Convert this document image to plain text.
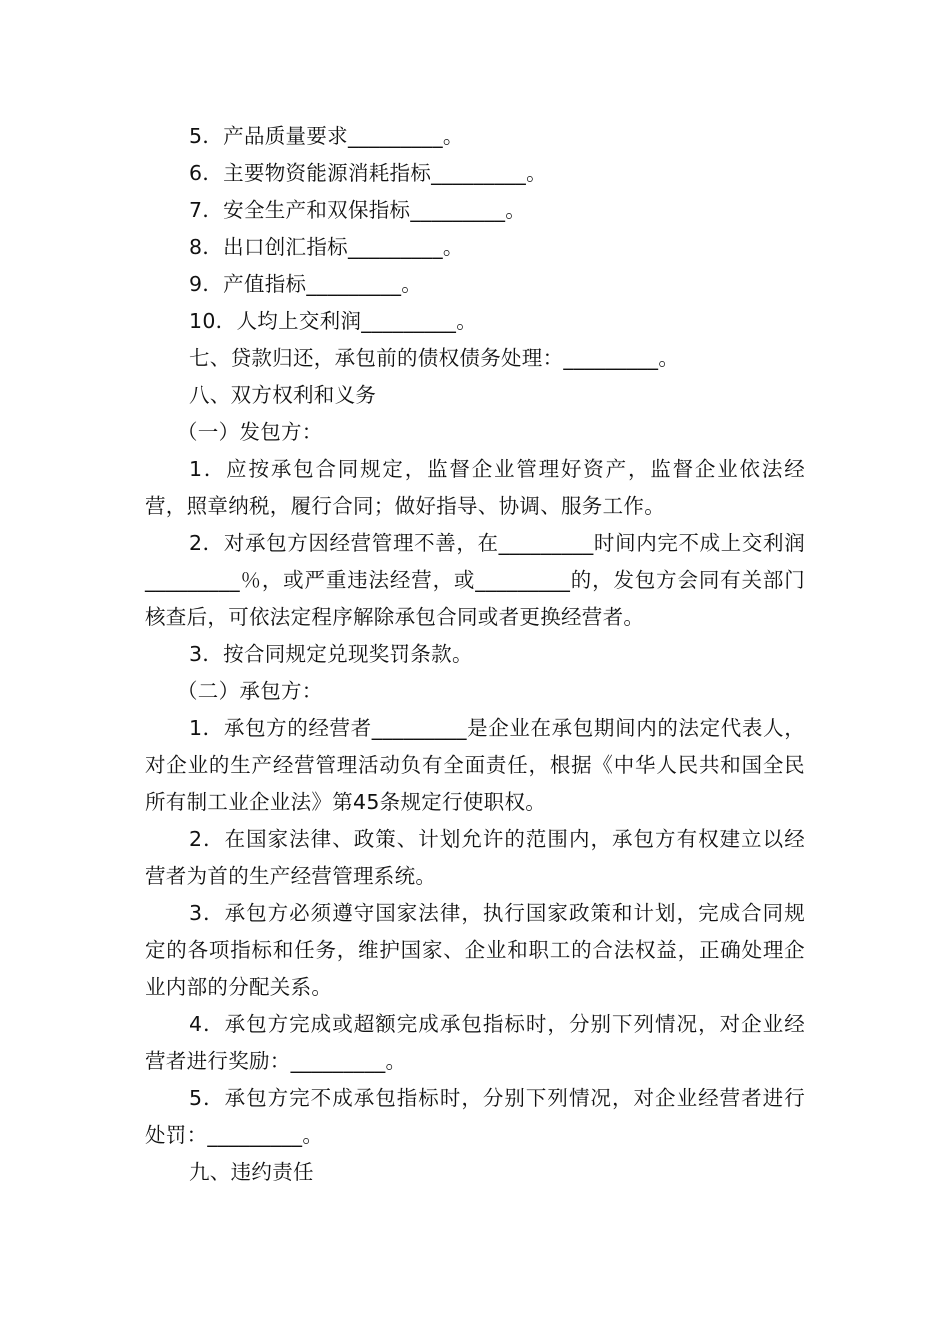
5．产品质量要求_________。

6．主要物资能源消耗指标_________。

7．安全生产和双保指标_________。

8．出口创汇指标_________。

9．产值指标_________。

10．人均上交利润_________。

七、贷款归还，承包前的债权债务处理：_________。

八、双方权利和义务

（一）发包方：

1．应按承包合同规定，监督企业管理好资产，监督企业依法经营，照章纳税，履行合同；做好指导、协调、服务工作。

2．对承包方因经营管理不善，在_________时间内完不成上交利润_________％，或严重违法经营，或_________的，发包方会同有关部门核查后，可依法定程序解除承包合同或者更换经营者。

3．按合同规定兑现奖罚条款。

（二）承包方：

1．承包方的经营者_________是企业在承包期间内的法定代表人，对企业的生产经营管理活动负有全面责任，根据《中华人民共和国全民所有制工业企业法》第45条规定行使职权。

2．在国家法律、政策、计划允许的范围内，承包方有权建立以经营者为首的生产经营管理系统。

3．承包方必须遵守国家法律，执行国家政策和计划，完成合同规定的各项指标和任务，维护国家、企业和职工的合法权益，正确处理企业内部的分配关系。

4．承包方完成或超额完成承包指标时，分别下列情况，对企业经营者进行奖励：_________。

5．承包方完不成承包指标时，分别下列情况，对企业经营者进行处罚：_________。

九、违约责任
